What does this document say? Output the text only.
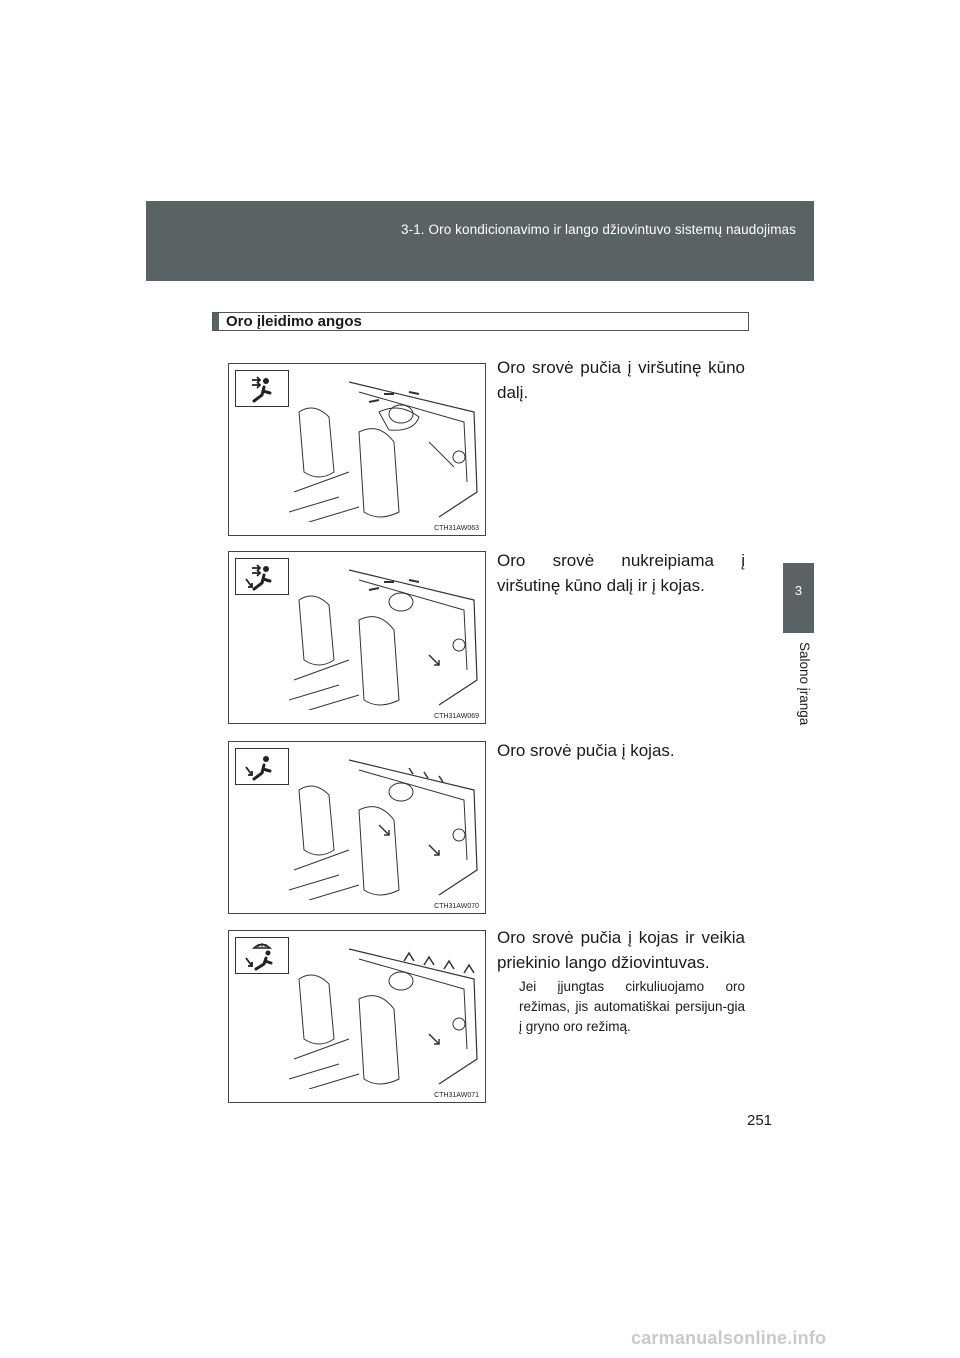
3-1. Oro kondicionavimo ir lango džiovintuvo sistemų naudojimas
3
Salono įranga
Oro įleidimo angos
CTH31AW063
Oro srovė pučia į viršutinę kūno dalį.
CTH31AW069
Oro srovė nukreipiama į viršutinę kūno dalį ir į kojas.
CTH31AW070
Oro srovė pučia į kojas.
CTH31AW071
Oro srovė pučia į kojas ir veikia priekinio lango džiovintuvas.
Jei įjungtas cirkuliuojamo oro režimas, jis automatiškai persijun-gia į gryno oro režimą.
251
carmanualsonline.info
